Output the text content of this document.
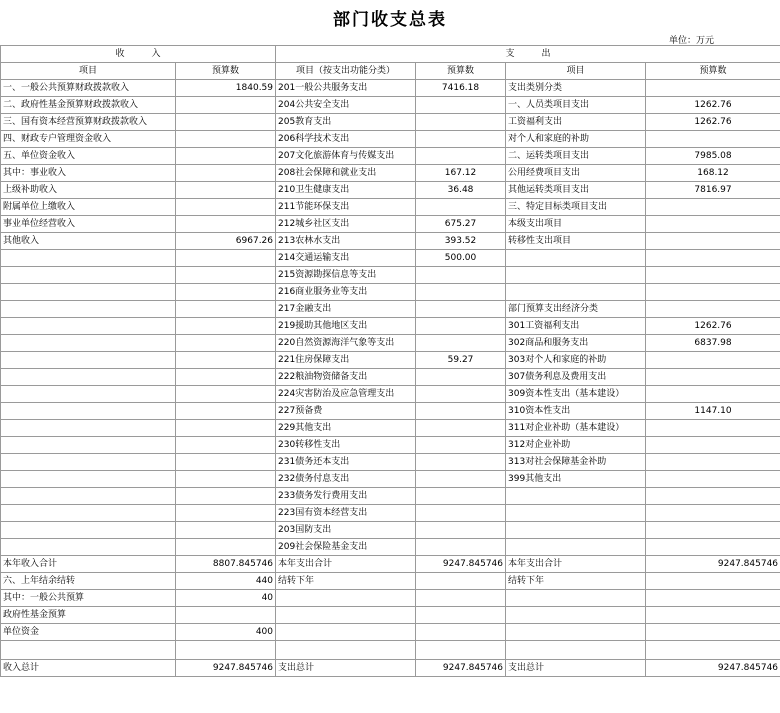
部门收支总表
单位：万元
收　　　入		支　　　出			
项目	预算数	项目（按支出功能分类）	预算数	项目	预算数
一、一般公共预算财政拨款收入	1840.59	201一般公共服务支出	7416.18	支出类别分类	
二、政府性基金预算财政拨款收入		204公共安全支出		一、人员类项目支出	1262.76
三、国有资本经营预算财政拨款收入		205教育支出		工资福利支出	1262.76
四、财政专户管理资金收入		206科学技术支出		对个人和家庭的补助	
五、单位资金收入		207文化旅游体育与传媒支出		二、运转类项目支出	7985.08
其中：事业收入		208社会保障和就业支出	167.12	公用经费项目支出	168.12
上级补助收入		210卫生健康支出	36.48	其他运转类项目支出	7816.97
附属单位上缴收入		211节能环保支出		三、特定目标类项目支出	
事业单位经营收入		212城乡社区支出	675.27	本级支出项目	
其他收入	6967.26	213农林水支出	393.52	转移性支出项目	
		214交通运输支出	500.00		
		215资源勘探信息等支出			
		216商业服务业等支出			
		217金融支出		部门预算支出经济分类	
		219援助其他地区支出		301工资福利支出	1262.76
		220自然资源海洋气象等支出		302商品和服务支出	6837.98
		221住房保障支出	59.27	303对个人和家庭的补助	
		222粮油物资储备支出		307债务利息及费用支出	
		224灾害防治及应急管理支出		309资本性支出（基本建设）	
		227预备费		310资本性支出	1147.10
		229其他支出		311对企业补助（基本建设）	
		230转移性支出		312对企业补助	
		231债务还本支出		313对社会保障基金补助	
		232债务付息支出		399其他支出	
		233债务发行费用支出			
		223国有资本经营支出			
		203国防支出			
		209社会保险基金支出			
本年收入合计	8807.845746	本年支出合计	9247.845746	本年支出合计	9247.845746
六、上年结余结转	440	结转下年		结转下年	
其中：一般公共预算	40				
政府性基金预算					
单位资金	400				

收入总计	9247.845746	支出总计	9247.845746	支出总计	9247.845746
